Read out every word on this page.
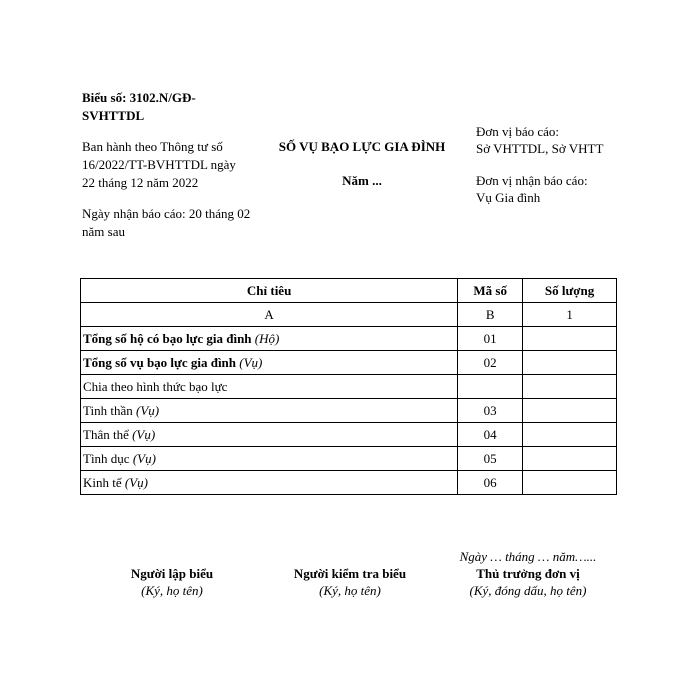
Biểu số: 3102.N/GĐ-SVHTTDL
Ban hành theo Thông tư số 16/2022/TT-BVHTTDL ngày 22 tháng 12 năm 2022
Ngày nhận báo cáo: 20 tháng 02 năm sau
SỐ VỤ BẠO LỰC GIA ĐÌNH
Năm ...
Đơn vị báo cáo:
Sở VHTTDL, Sở VHTT
Đơn vị nhận báo cáo:
Vụ Gia đình
Chỉ tiêu	Mã số	Số lượng
A	B	1
Tổng số hộ có bạo lực gia đình (Hộ)	01	
Tổng số vụ bạo lực gia đình (Vụ)	02	
Chia theo hình thức bạo lực		
Tinh thần (Vụ)	03	
Thân thể (Vụ)	04	
Tình dục (Vụ)	05	
Kinh tế (Vụ)	06	
Ngày … tháng … năm…...
Người lập biểu
(Ký, họ tên)
Người kiểm tra biểu
(Ký, họ tên)
Thủ trưởng đơn vị
(Ký, đóng dấu, họ tên)
